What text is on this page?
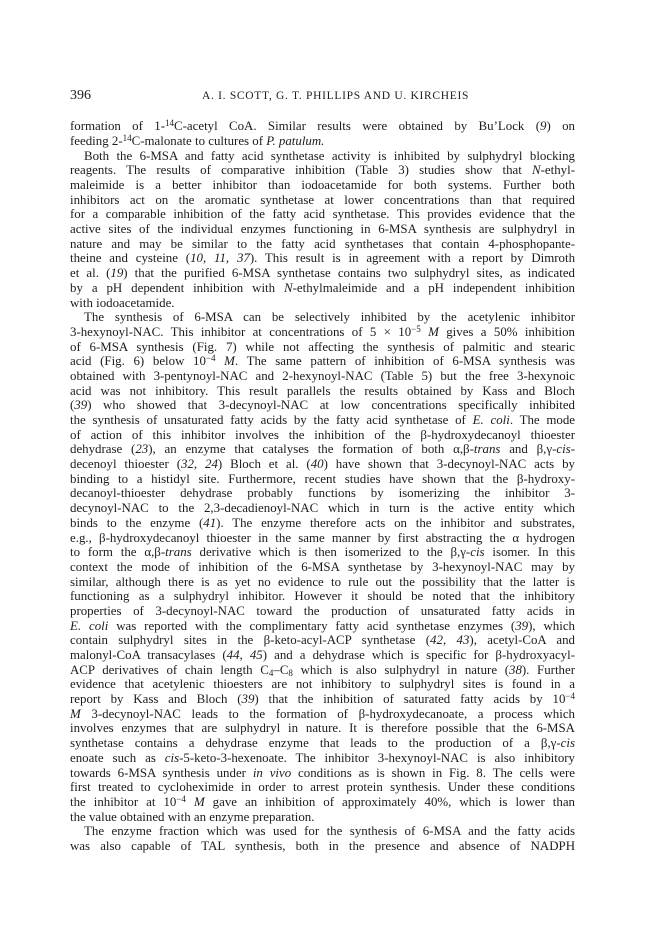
396	A. I. SCOTT, G. T. PHILLIPS AND U. KIRCHEIS
formation of 1-$^{14}$C-acetyl CoA. Similar results were obtained by Bu’Lock (9) on
feeding 2-$^{14}$C-malonate to cultures of P. patulum.
Both the 6-MSA and fatty acid synthetase activity is inhibited by sulphydryl blocking
reagents. The results of comparative inhibition (Table 3) studies show that N-ethyl-
maleimide is a better inhibitor than iodoacetamide for both systems. Further both
inhibitors act on the aromatic synthetase at lower concentrations than that required
for a comparable inhibition of the fatty acid synthetase. This provides evidence that the
active sites of the individual enzymes functioning in 6-MSA synthesis are sulphydryl in
nature and may be similar to the fatty acid synthetases that contain 4-phosphopante-
theine and cysteine (10, 11, 37). This result is in agreement with a report by Dimroth
et al. (19) that the purified 6-MSA synthetase contains two sulphydryl sites, as indicated
by a pH dependent inhibition with N-ethylmaleimide and a pH independent inhibition
with iodoacetamide.
The synthesis of 6-MSA can be selectively inhibited by the acetylenic inhibitor
3-hexynoyl-NAC. This inhibitor at concentrations of $5 \times 10^{-5}$ M gives a 50% inhibition
of 6-MSA synthesis (Fig. 7) while not affecting the synthesis of palmitic and stearic
acid (Fig. 6) below $10^{-4}$ M. The same pattern of inhibition of 6-MSA synthesis was
obtained with 3-pentynoyl-NAC and 2-hexynoyl-NAC (Table 5) but the free 3-hexynoic
acid was not inhibitory. This result parallels the results obtained by Kass and Bloch
(39) who showed that 3-decynoyl-NAC at low concentrations specifically inhibited
the synthesis of unsaturated fatty acids by the fatty acid synthetase of E. coli. The mode
of action of this inhibitor involves the inhibition of the β-hydroxydecanoyl thioester
dehydrase (23), an enzyme that catalyses the formation of both α,β-trans and β,γ-cis-
decenoyl thioester (32, 24) Bloch et al. (40) have shown that 3-decynoyl-NAC acts by
binding to a histidyl site. Furthermore, recent studies have shown that the β-hydroxy-
decanoyl-thioester dehydrase probably functions by isomerizing the inhibitor 3-
decynoyl-NAC to the 2,3-decadienoyl-NAC which in turn is the active entity which
binds to the enzyme (41). The enzyme therefore acts on the inhibitor and substrates,
e.g., β-hydroxydecanoyl thioester in the same manner by first abstracting the α hydrogen
to form the α,β-trans derivative which is then isomerized to the β,γ-cis isomer. In this
context the mode of inhibition of the 6-MSA synthetase by 3-hexynoyl-NAC may by
similar, although there is as yet no evidence to rule out the possibility that the latter is
functioning as a sulphydryl inhibitor. However it should be noted that the inhibitory
properties of 3-decynoyl-NAC toward the production of unsaturated fatty acids in
E. coli was reported with the complimentary fatty acid synthetase enzymes (39), which
contain sulphydryl sites in the β-keto-acyl-ACP synthetase (42, 43), acetyl-CoA and
malonyl-CoA transacylases (44, 45) and a dehydrase which is specific for β-hydroxyacyl-
ACP derivatives of chain length $C_4-C_8$ which is also sulphydryl in nature (38). Further
evidence that acetylenic thioesters are not inhibitory to sulphydryl sites is found in a
report by Kass and Bloch (39) that the inhibition of saturated fatty acids by $10^{-4}$
M 3-decynoyl-NAC leads to the formation of β-hydroxydecanoate, a process which
involves enzymes that are sulphydryl in nature. It is therefore possible that the 6-MSA
synthetase contains a dehydrase enzyme that leads to the production of a β,γ-cis
enoate such as cis-5-keto-3-hexenoate. The inhibitor 3-hexynoyl-NAC is also inhibitory
towards 6-MSA synthesis under in vivo conditions as is shown in Fig. 8. The cells were
first treated to cycloheximide in order to arrest protein synthesis. Under these conditions
the inhibitor at $10^{-4}$ M gave an inhibition of approximately 40%, which is lower than
the value obtained with an enzyme preparation.
The enzyme fraction which was used for the synthesis of 6-MSA and the fatty acids
was also capable of TAL synthesis, both in the presence and absence of NADPH
